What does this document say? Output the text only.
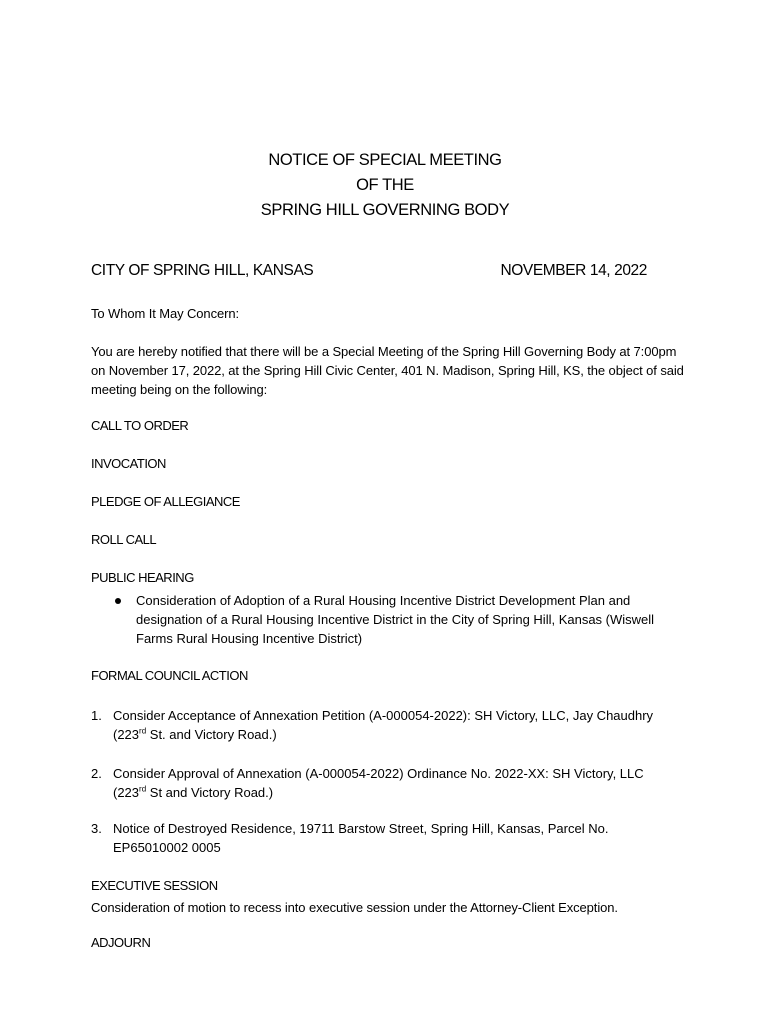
NOTICE OF SPECIAL MEETING
OF THE
SPRING HILL GOVERNING BODY
CITY OF SPRING HILL, KANSAS	NOVEMBER 14, 2022
To Whom It May Concern:
You are hereby notified that there will be a Special Meeting of the Spring Hill Governing Body at 7:00pm on November 17, 2022, at the Spring Hill Civic Center, 401 N. Madison, Spring Hill, KS, the object of said meeting being on the following:
CALL TO ORDER
INVOCATION
PLEDGE OF ALLEGIANCE
ROLL CALL
PUBLIC HEARING
Consideration of Adoption of a Rural Housing Incentive District Development Plan and designation of a Rural Housing Incentive District in the City of Spring Hill, Kansas (Wiswell Farms Rural Housing Incentive District)
FORMAL COUNCIL ACTION
1. Consider Acceptance of Annexation Petition (A-000054-2022): SH Victory, LLC, Jay Chaudhry
(223rd St. and Victory Road.)
2. Consider Approval of Annexation (A-000054-2022) Ordinance No. 2022-XX: SH Victory, LLC
(223rd St and Victory Road.)
3. Notice of Destroyed Residence, 19711 Barstow Street, Spring Hill, Kansas, Parcel No.
EP65010002 0005
EXECUTIVE SESSION
Consideration of motion to recess into executive session under the Attorney-Client Exception.
ADJOURN
